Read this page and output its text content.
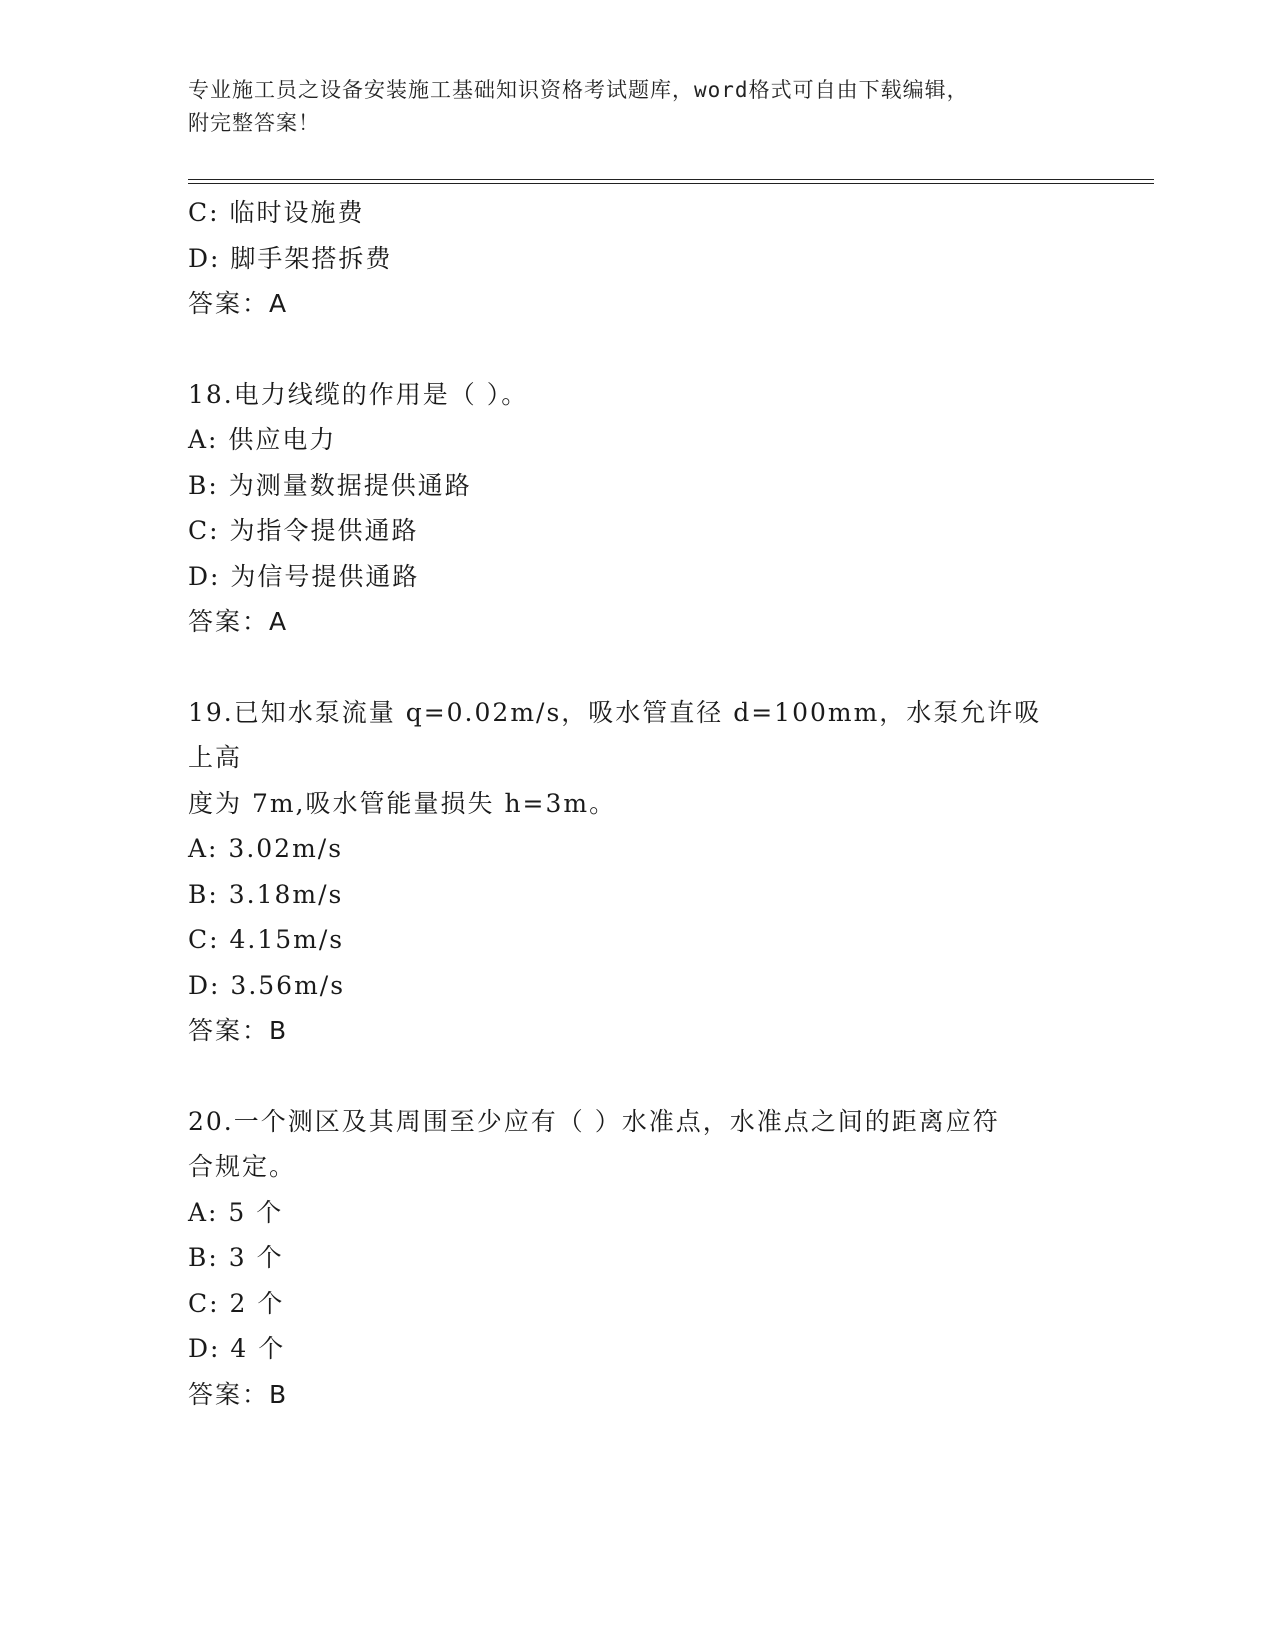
专业施工员之设备安装施工基础知识资格考试题库，word格式可自由下载编辑，
附完整答案！
C: 临时设施费
D: 脚手架搭拆费
答案：A
18.电力线缆的作用是（ ）。
A: 供应电力
B: 为测量数据提供通路
C: 为指令提供通路
D: 为信号提供通路
答案：A
19.已知水泵流量 q=0.02m/s，吸水管直径 d=100mm，水泵允许吸上高
度为 7m,吸水管能量损失 h=3m。
A: 3.02m/s
B: 3.18m/s
C: 4.15m/s
D: 3.56m/s
答案：B
20.一个测区及其周围至少应有（ ）水准点，水准点之间的距离应符
合规定。
A: 5 个
B: 3 个
C: 2 个
D: 4 个
答案：B
